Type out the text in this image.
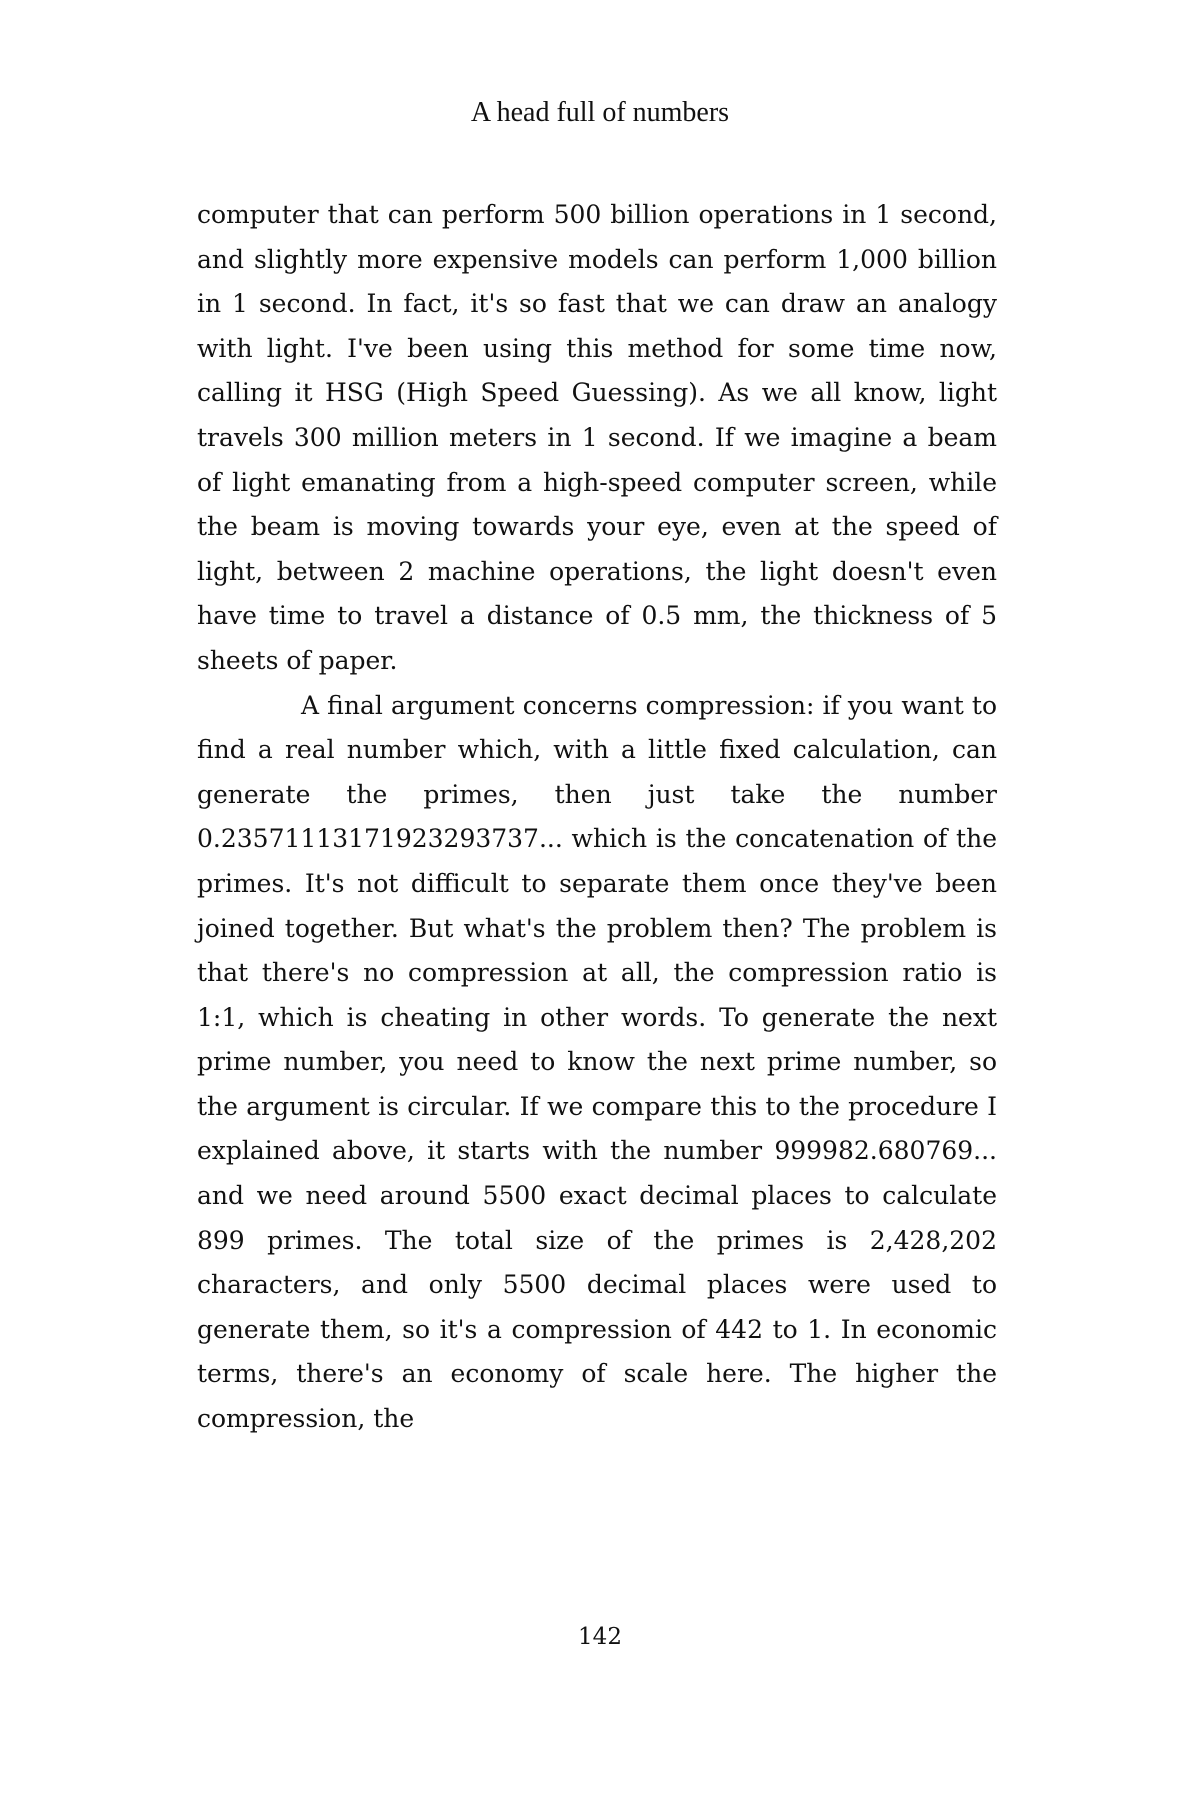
A head full of numbers

computer that can perform 500 billion operations in 1 second, and slightly more expensive models can perform 1,000 billion in 1 second. In fact, it's so fast that we can draw an analogy with light. I've been using this method for some time now, calling it HSG (High Speed Guessing). As we all know, light travels 300 million meters in 1 second. If we imagine a beam of light emanating from a high-speed computer screen, while the beam is moving towards your eye, even at the speed of light, between 2 machine operations, the light doesn't even have time to travel a distance of 0.5 mm, the thickness of 5 sheets of paper.

A final argument concerns compression: if you want to find a real number which, with a little fixed calculation, can generate the primes, then just take the number 0.235711131719232937​37... which is the concatenation of the primes. It's not difficult to separate them once they've been joined together. But what's the problem then? The problem is that there's no compression at all, the compression ratio is 1:1, which is cheating in other words. To generate the next prime number, you need to know the next prime number, so the argument is circular. If we compare this to the procedure I explained above, it starts with the number 999982.680769... and we need around 5500 exact decimal places to calculate 899 primes. The total size of the primes is 2,428,202 characters, and only 5500 decimal places were used to generate them, so it's a compression of 442 to 1. In economic terms, there's an economy of scale here. The higher the compression, the

142
